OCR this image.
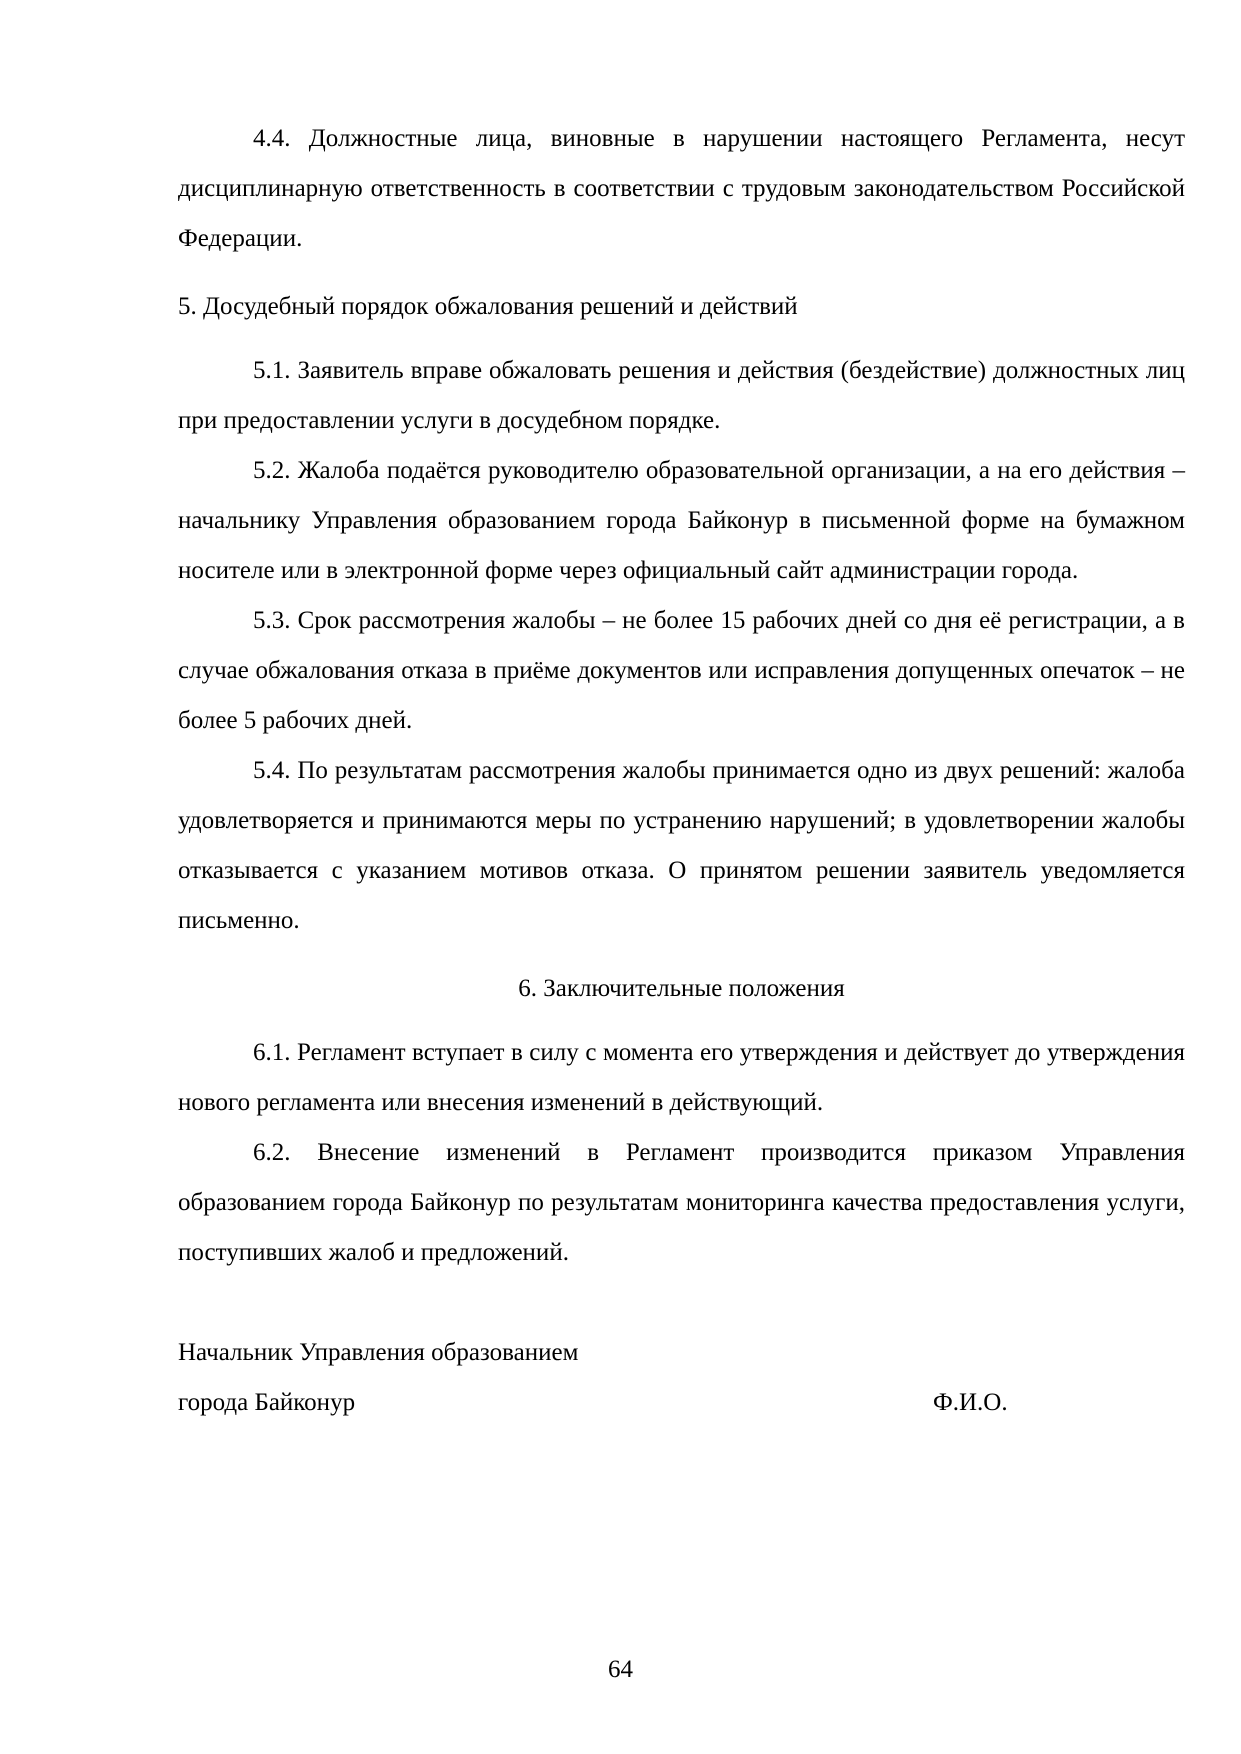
4.4. Должностные лица, виновные в нарушении настоящего Регламента, несут дисциплинарную ответственность в соответствии с трудовым законодательством Российской Федерации.

5. Досудебный порядок обжалования решений и действий

5.1. Заявитель вправе обжаловать решения и действия (бездействие) должностных лиц при предоставлении услуги в досудебном порядке.

5.2. Жалоба подаётся руководителю образовательной организации, а на его действия – начальнику Управления образованием города Байконур в письменной форме на бумажном носителе или в электронной форме через официальный сайт администрации города.

5.3. Срок рассмотрения жалобы – не более 15 рабочих дней со дня её регистрации, а в случае обжалования отказа в приёме документов или исправления допущенных опечаток – не более 5 рабочих дней.

5.4. По результатам рассмотрения жалобы принимается одно из двух решений: жалоба удовлетворяется и принимаются меры по устранению нарушений; в удовлетворении жалобы отказывается с указанием мотивов отказа. О принятом решении заявитель уведомляется письменно.

6. Заключительные положения

6.1. Регламент вступает в силу с момента его утверждения и действует до утверждения нового регламента или внесения изменений в действующий.

6.2. Внесение изменений в Регламент производится приказом Управления образованием города Байконур по результатам мониторинга качества предоставления услуги, поступивших жалоб и предложений.

Начальник Управления образованием

города Байконур	Ф.И.О.
64
